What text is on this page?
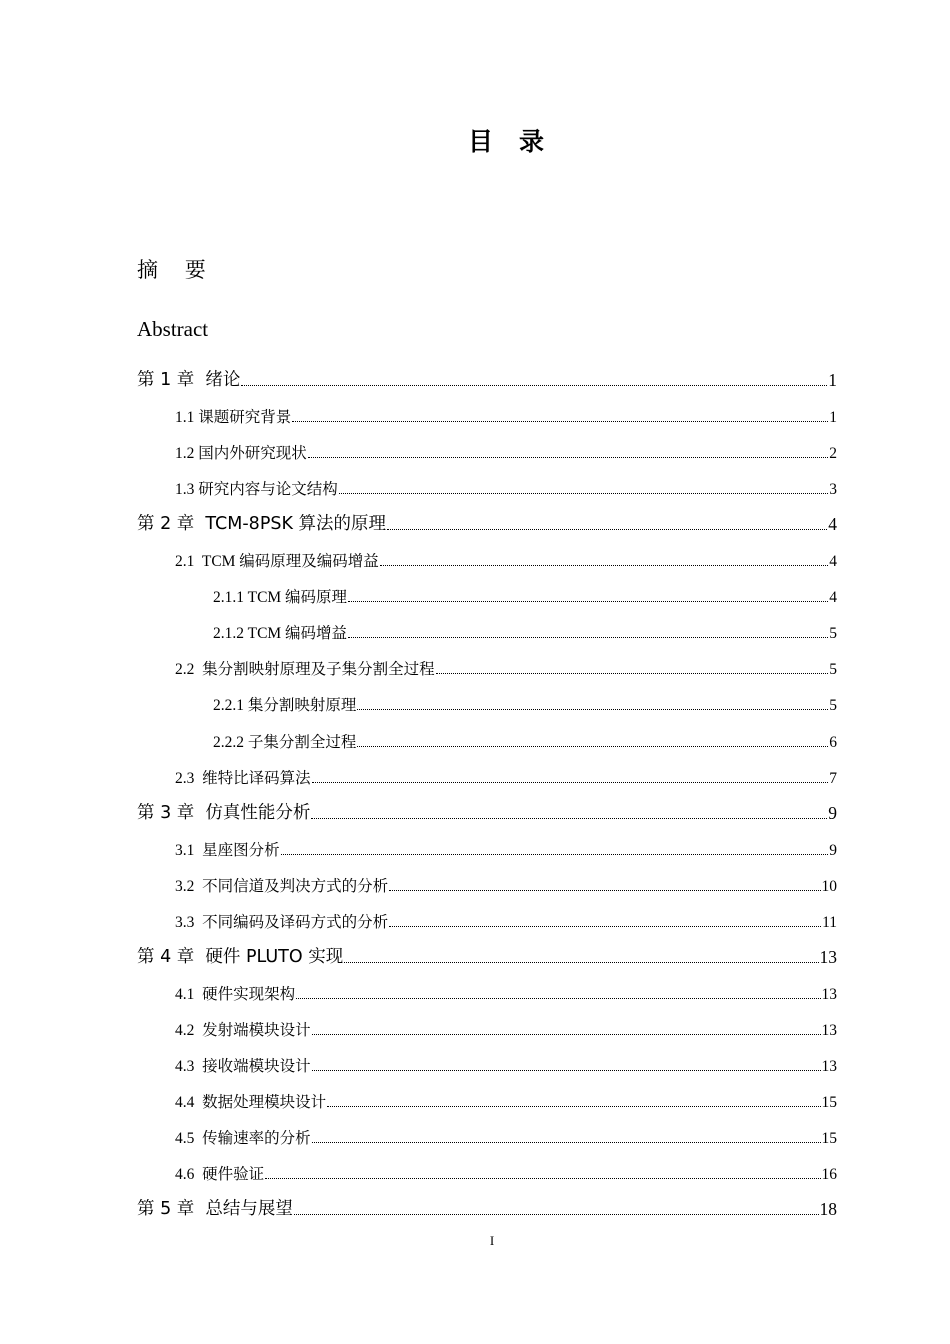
目 录
摘    要
Abstract
第 1 章  绪论	1
1.1 课题研究背景	1
1.2 国内外研究现状	2
1.3 研究内容与论文结构	3
第 2 章  TCM-8PSK 算法的原理	4
2.1  TCM 编码原理及编码增益	4
2.1.1 TCM 编码原理	4
2.1.2 TCM 编码增益	5
2.2  集分割映射原理及子集分割全过程	5
2.2.1 集分割映射原理	5
2.2.2 子集分割全过程	6
2.3  维特比译码算法	7
第 3 章  仿真性能分析	9
3.1  星座图分析	9
3.2  不同信道及判决方式的分析	10
3.3  不同编码及译码方式的分析	11
第 4 章  硬件 PLUTO 实现	13
4.1  硬件实现架构	13
4.2  发射端模块设计	13
4.3  接收端模块设计	13
4.4  数据处理模块设计	15
4.5  传输速率的分析	15
4.6  硬件验证	16
第 5 章  总结与展望	18
I
